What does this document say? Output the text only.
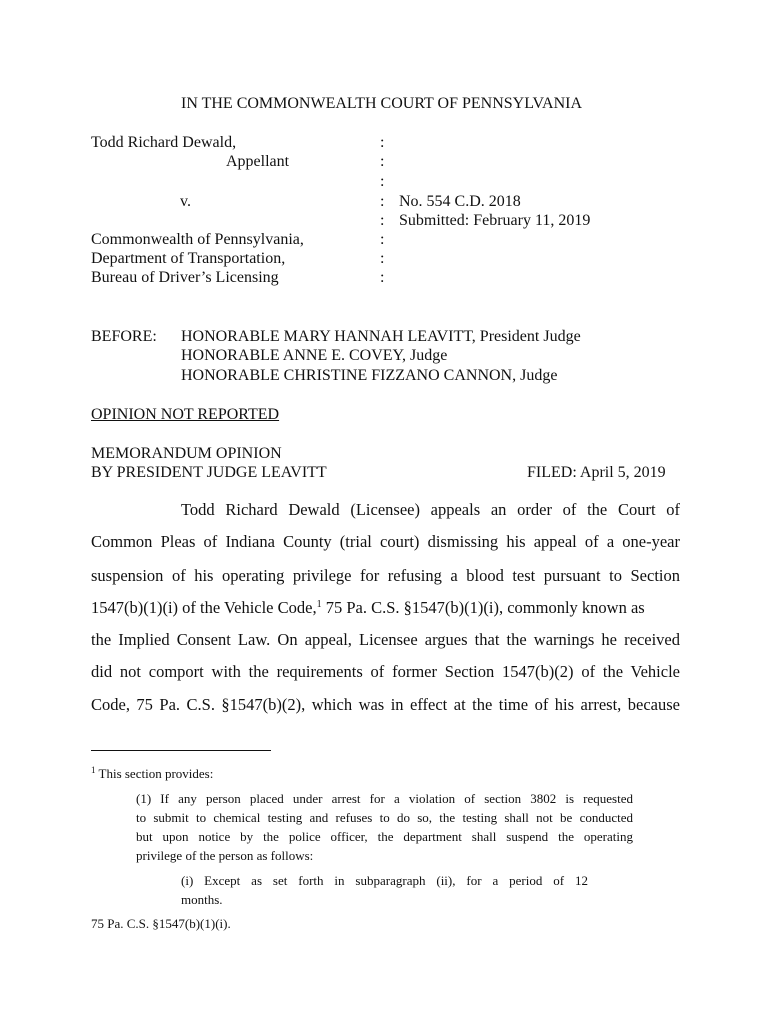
IN THE COMMONWEALTH COURT OF PENNSYLVANIA
Todd Richard Dewald,
Appellant
v.
Commonwealth of Pennsylvania,
Department of Transportation,
Bureau of Driver’s Licensing
:
:
:
:
:
:
:
:
No. 554 C.D. 2018
Submitted: February 11, 2019
BEFORE: HONORABLE MARY HANNAH LEAVITT, President Judge
HONORABLE ANNE E. COVEY, Judge
HONORABLE CHRISTINE FIZZANO CANNON, Judge
OPINION NOT REPORTED
MEMORANDUM OPINION
BY PRESIDENT JUDGE LEAVITT	FILED: April 5, 2019
Todd Richard Dewald (Licensee) appeals an order of the Court of
Common Pleas of Indiana County (trial court) dismissing his appeal of a one-year
suspension of his operating privilege for refusing a blood test pursuant to Section
1547(b)(1)(i) of the Vehicle Code,$^1$ 75 Pa. C.S. §1547(b)(1)(i), commonly known as
the Implied Consent Law. On appeal, Licensee argues that the warnings he received
did not comport with the requirements of former Section 1547(b)(2) of the Vehicle
Code, 75 Pa. C.S. §1547(b)(2), which was in effect at the time of his arrest, because
$^1$ This section provides:
(1) If any person placed under arrest for a violation of section 3802 is requested
to submit to chemical testing and refuses to do so, the testing shall not be conducted
but upon notice by the police officer, the department shall suspend the operating
privilege of the person as follows:
(i) Except as set forth in subparagraph (ii), for a period of 12
months.
75 Pa. C.S. §1547(b)(1)(i).
